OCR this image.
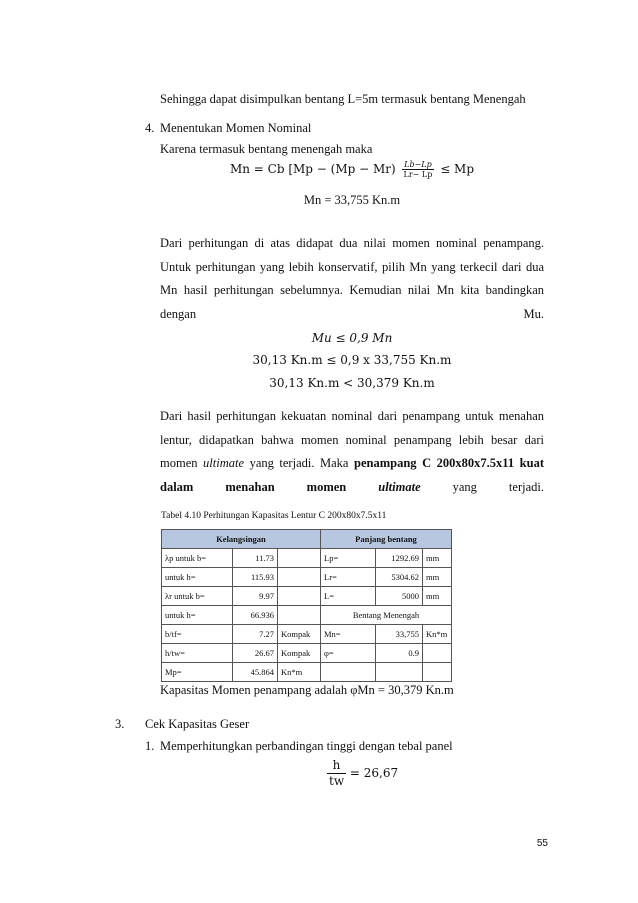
Sehingga dapat disimpulkan bentang L=5m termasuk bentang Menengah
4. Menentukan Momen Nominal
Karena termasuk bentang menengah maka
Mn = Cb [$Mp - (Mp - Mr) \frac{Lb-Lp}{Lr- Lp} \le Mp$
Mn = 33,755 Kn.m
Dari perhitungan di atas didapat dua nilai momen nominal penampang. Untuk perhitungan yang lebih konservatif, pilih Mn yang terkecil dari dua Mn hasil perhitungan sebelumnya. Kemudian nilai Mn kita bandingkan dengan Mu.
Mu ≤ 0,9 Mn
30,13 Kn.m ≤ 0,9 x 33,755 Kn.m
30,13 Kn.m < 30,379 Kn.m
Dari hasil perhitungan kekuatan nominal dari penampang untuk menahan lentur, didapatkan bahwa momen nominal penampang lebih besar dari momen ultimate yang terjadi. Maka penampang C 200x80x7.5x11 kuat dalam menahan momen ultimate yang terjadi.
Tabel 4.10 Perhitungan Kapasitas Lentur C 200x80x7.5x11
Kelangsingan			Panjang bentang		
λp untuk b=	11.73		Lp=	1292.69	mm
untuk h=	115.93		Lr=	5304.62	mm
λr untuk b=	9.97		L=	5000	mm
untuk h=	66.936		Bentang Menengah		
b/tf=	7.27	Kompak	Mn=	33,755	Kn*m
h/tw=	26.67	Kompak	φ=	0.9	
Mp=	45.864	Kn*m			
Kapasitas Momen penampang adalah φMn = 30,379 Kn.m
3. Cek Kapasitas Geser
1. Memperhitungkan perbandingan tinggi dengan tebal panel
$\frac{h}{tw} = 26,67$
55
